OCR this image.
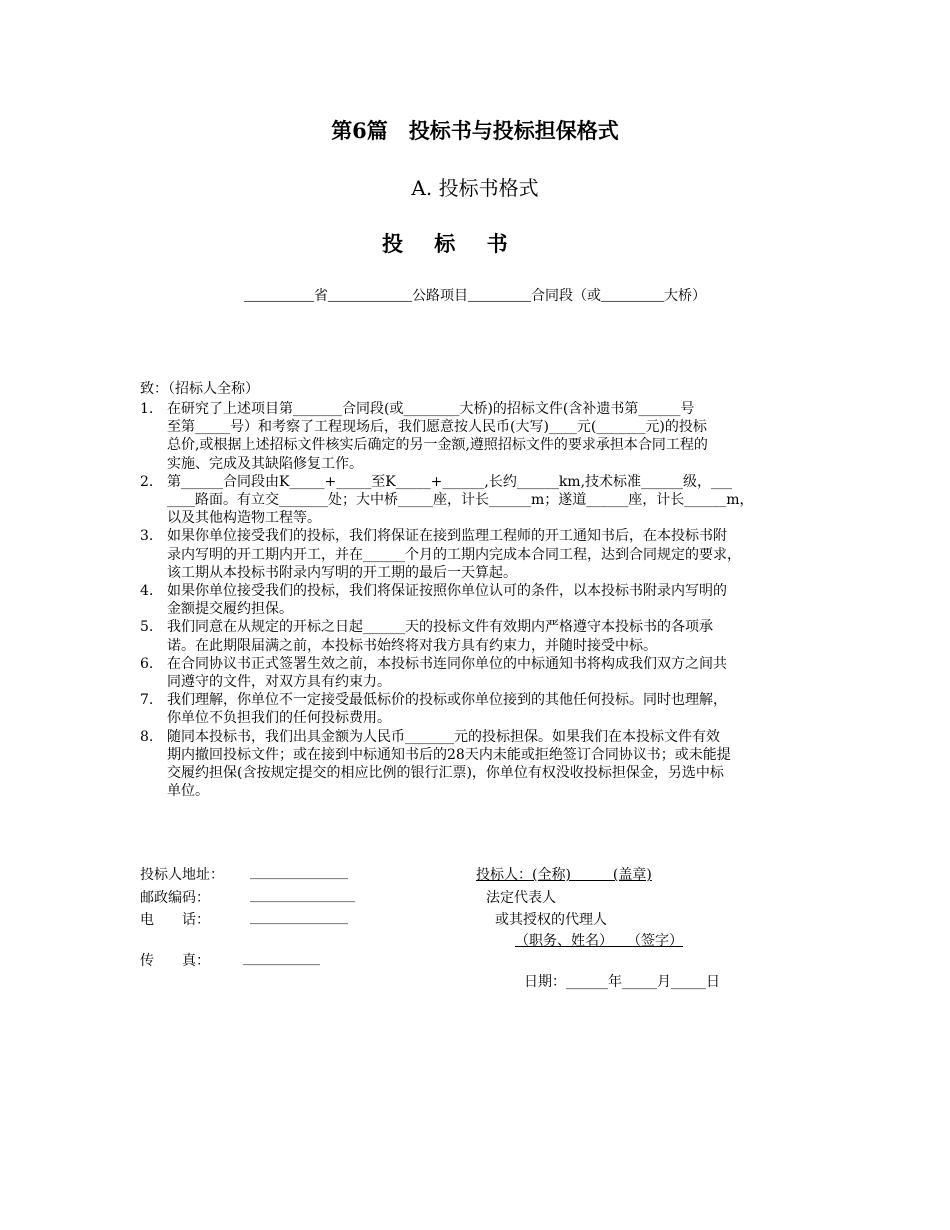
第6篇　投标书与投标担保格式
A. 投标书格式
投 标 书
__________省____________公路项目_________合同段（或_________大桥）
致：（招标人全称）
1. 在研究了上述项目第_______合同段(或________大桥)的招标文件(含补遗书第______号
至第_____号）和考察了工程现场后，我们愿意按人民币(大写)____元(_______元)的投标
总价,或根据上述招标文件核实后确定的另一金额,遵照招标文件的要求承担本合同工程的
实施、完成及其缺陷修复工作。
2. 第______合同段由K_____+_____至K_____+______,长约______km,技术标准______级，___
____路面。有立交_______处；大中桥_____座，计长______m；遂道______座，计长______m，
以及其他构造物工程等。
3. 如果你单位接受我们的投标，我们将保证在接到监理工程师的开工通知书后，在本投标书附
录内写明的开工期内开工，并在______个月的工期内完成本合同工程，达到合同规定的要求，
该工期从本投标书附录内写明的开工期的最后一天算起。
4. 如果你单位接受我们的投标，我们将保证按照你单位认可的条件，以本投标书附录内写明的
金额提交履约担保。
5. 我们同意在从规定的开标之日起______天的投标文件有效期内严格遵守本投标书的各项承
诺。在此期限届满之前，本投标书始终将对我方具有约束力，并随时接受中标。
6. 在合同协议书正式签署生效之前，本投标书连同你单位的中标通知书将构成我们双方之间共
同遵守的文件，对双方具有约束力。
7. 我们理解，你单位不一定接受最低标价的投标或你单位接到的其他任何投标。同时也理解，
你单位不负担我们的任何投标费用。
8. 随同本投标书，我们出具金额为人民币_______元的投标担保。如果我们在本投标文件有效
期内撤回投标文件；或在接到中标通知书后的28天内未能或拒绝签订合同协议书；或未能提
交履约担保(含按规定提交的相应比例的银行汇票)，你单位有权没收投标担保金，另选中标
单位。
投标人地址： ______________
邮政编码：	_______________
电　　话：	______________
传　　真： ___________
投标人：(全称)　　　(盖章)
法定代表人
或其授权的代理人
（职务、姓名）　　（签字）
日期：______年_____月_____日
